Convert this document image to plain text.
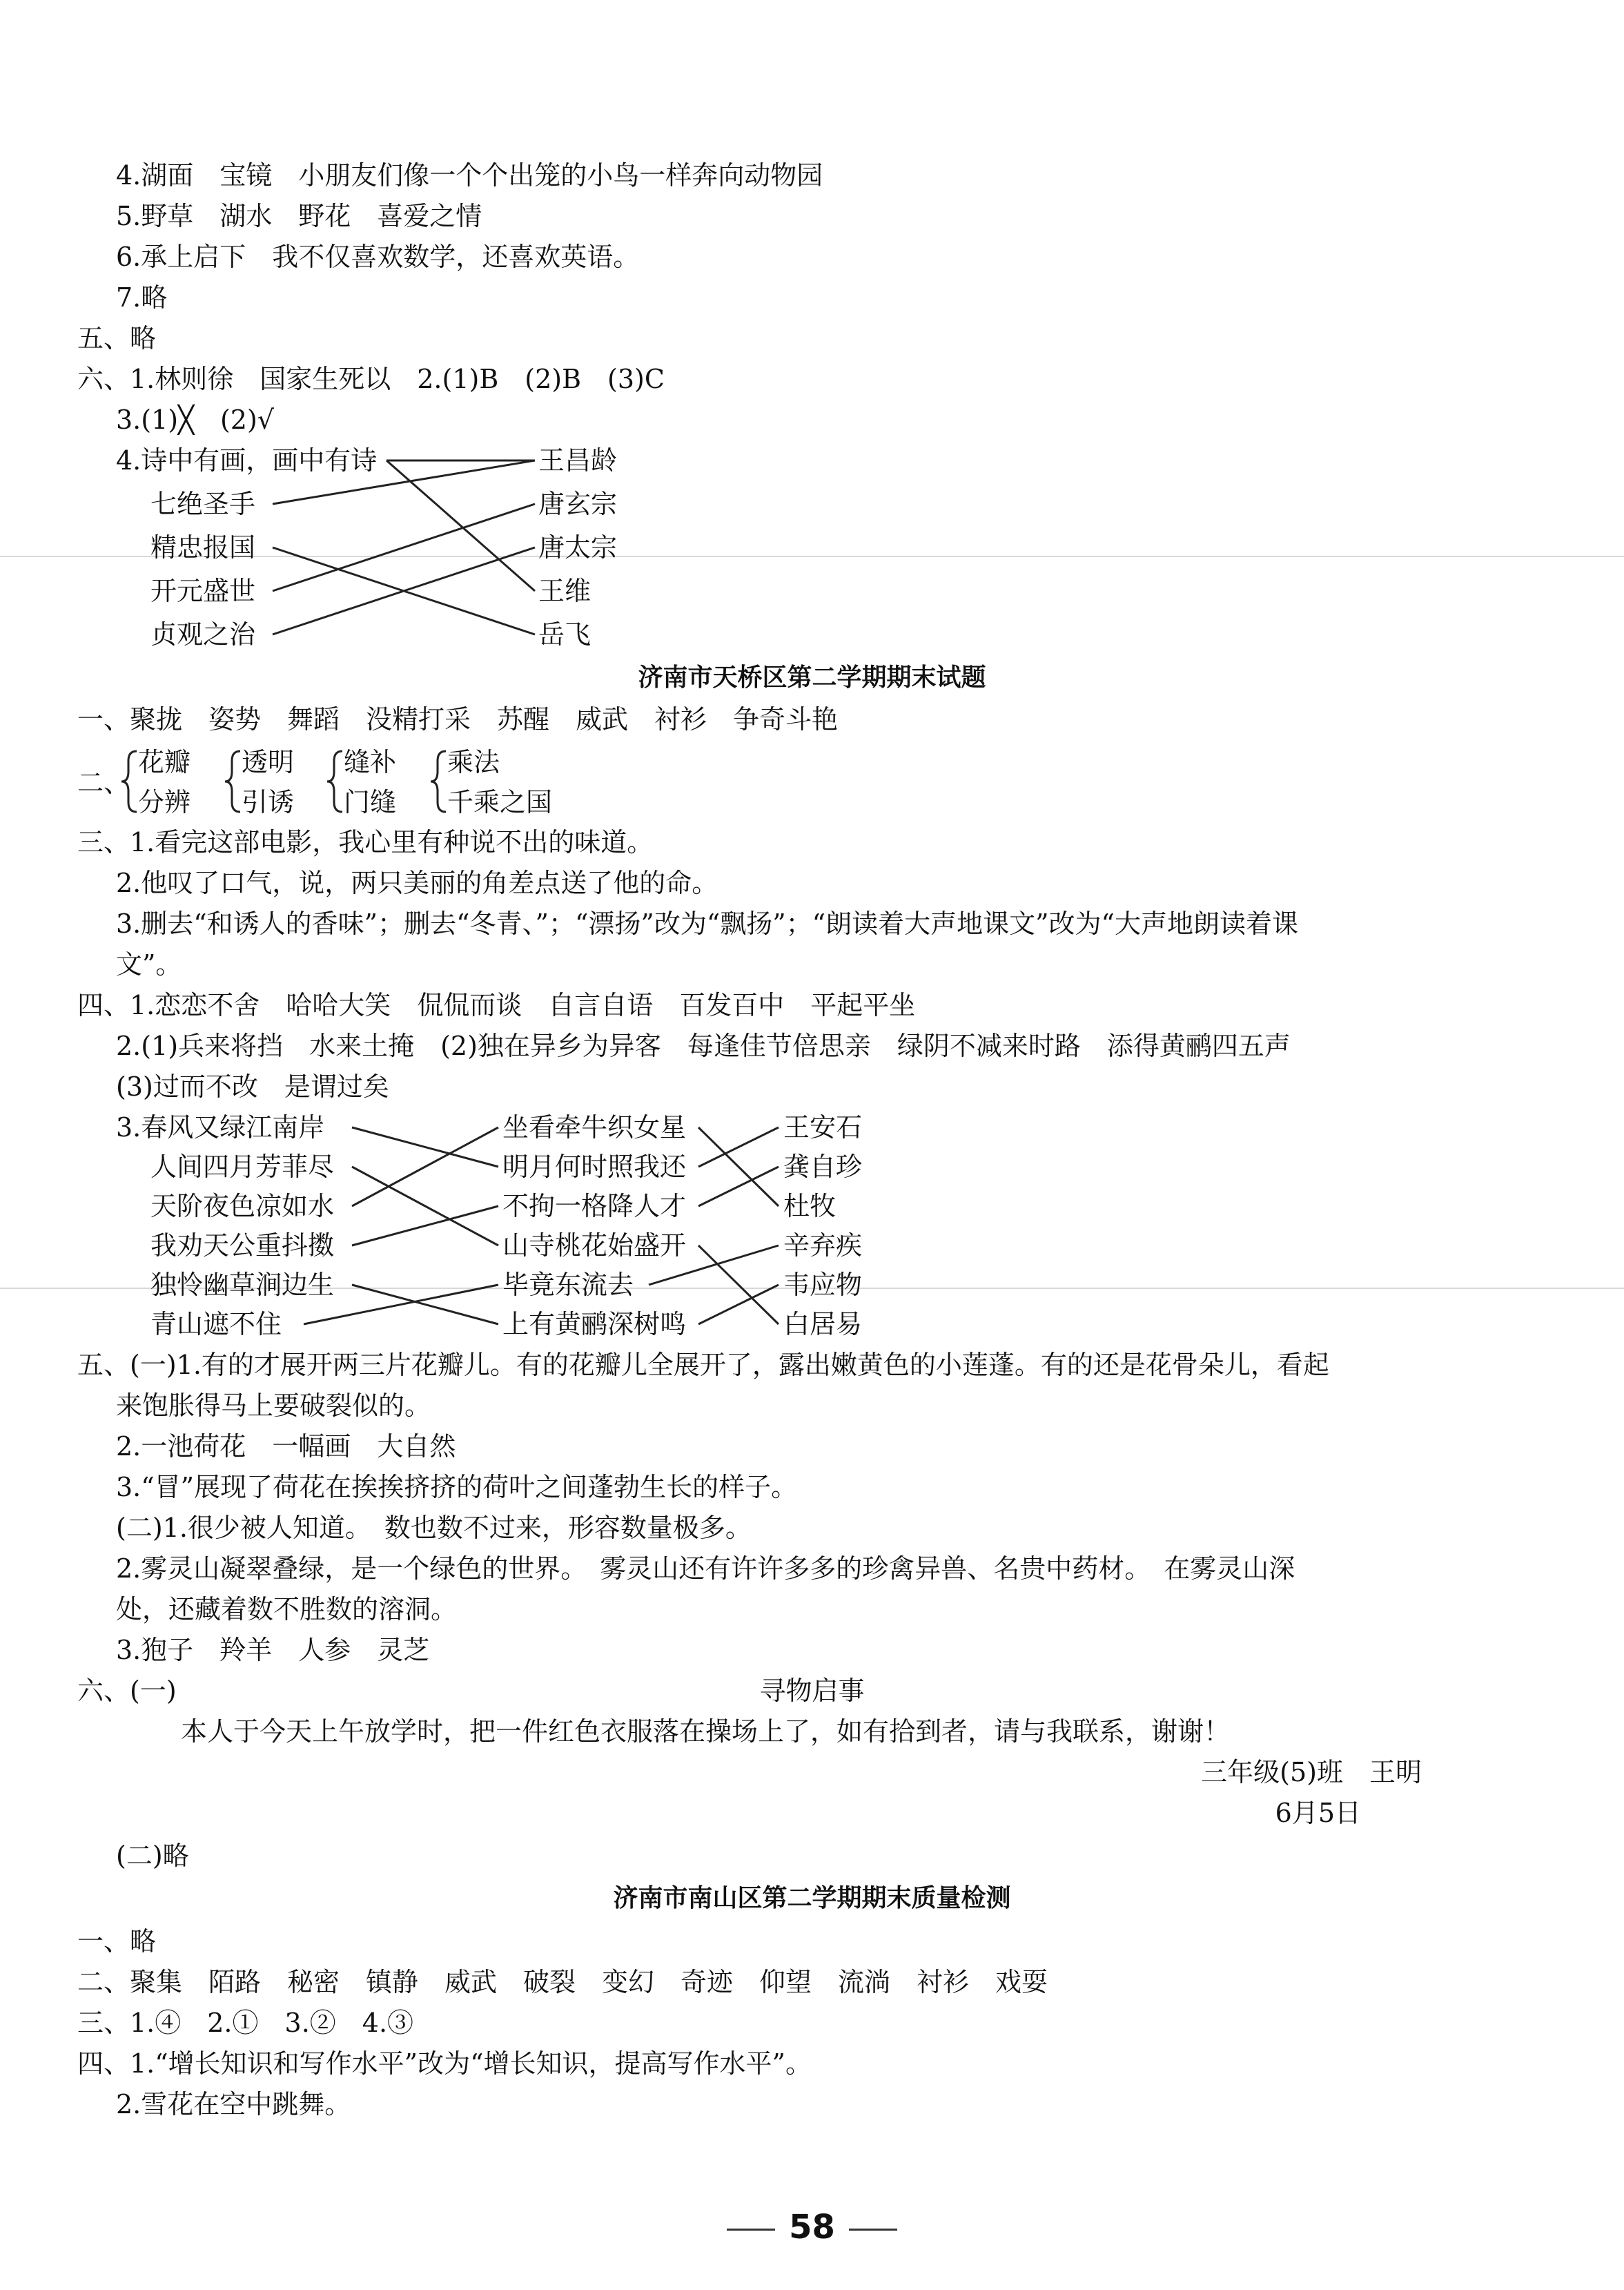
4.湖面　宝镜　小朋友们像一个个出笼的小鸟一样奔向动物园
5.野草　湖水　野花　喜爱之情
6.承上启下　我不仅喜欢数学，还喜欢英语。
7.略
五、略
六、1.林则徐　国家生死以　2.(1)B　(2)B　(3)C
3.(1)╳　(2)√
4.诗中有画，画中有诗
七绝圣手
精忠报国
开元盛世
贞观之治
王昌龄
唐玄宗
唐太宗
王维
岳飞
济南市天桥区第二学期期末试题
一、聚拢　姿势　舞蹈　没精打采　苏醒　威武　衬衫　争奇斗艳
二、
花瓣
分辨
透明
引诱
缝补
门缝
乘法
千乘之国
三、1.看完这部电影，我心里有种说不出的味道。
2.他叹了口气，说，两只美丽的角差点送了他的命。
3.删去“和诱人的香味”；删去“冬青、”；“漂扬”改为“飘扬”；“朗读着大声地课文”改为“大声地朗读着课
文”。
四、1.恋恋不舍　哈哈大笑　侃侃而谈　自言自语　百发百中　平起平坐
2.(1)兵来将挡　水来土掩　(2)独在异乡为异客　每逢佳节倍思亲　绿阴不减来时路　添得黄鹂四五声
(3)过而不改　是谓过矣
3.春风又绿江南岸
人间四月芳菲尽
天阶夜色凉如水
我劝天公重抖擞
独怜幽草涧边生
青山遮不住
坐看牵牛织女星
明月何时照我还
不拘一格降人才
山寺桃花始盛开
毕竟东流去
上有黄鹂深树鸣
王安石
龚自珍
杜牧
辛弃疾
韦应物
白居易
五、(一)1.有的才展开两三片花瓣儿。有的花瓣儿全展开了，露出嫩黄色的小莲蓬。有的还是花骨朵儿，看起
来饱胀得马上要破裂似的。
2.一池荷花　一幅画　大自然
3.“冒”展现了荷花在挨挨挤挤的荷叶之间蓬勃生长的样子。
(二)1.很少被人知道。　数也数不过来，形容数量极多。
2.雾灵山凝翠叠绿，是一个绿色的世界。　雾灵山还有许许多多的珍禽异兽、名贵中药材。　在雾灵山深
处，还藏着数不胜数的溶洞。
3.狍子　羚羊　人参　灵芝
六、(一)	寻物启事
本人于今天上午放学时，把一件红色衣服落在操场上了，如有拾到者，请与我联系，谢谢！
三年级(5)班　王明
6月5日
(二)略
济南市南山区第二学期期末质量检测
一、略
二、聚集　陌路　秘密　镇静　威武　破裂　变幻　奇迹　仰望　流淌　衬衫　戏耍
三、1.④　2.①　3.②　4.③
四、1.“增长知识和写作水平”改为“增长知识，提高写作水平”。
2.雪花在空中跳舞。
58
